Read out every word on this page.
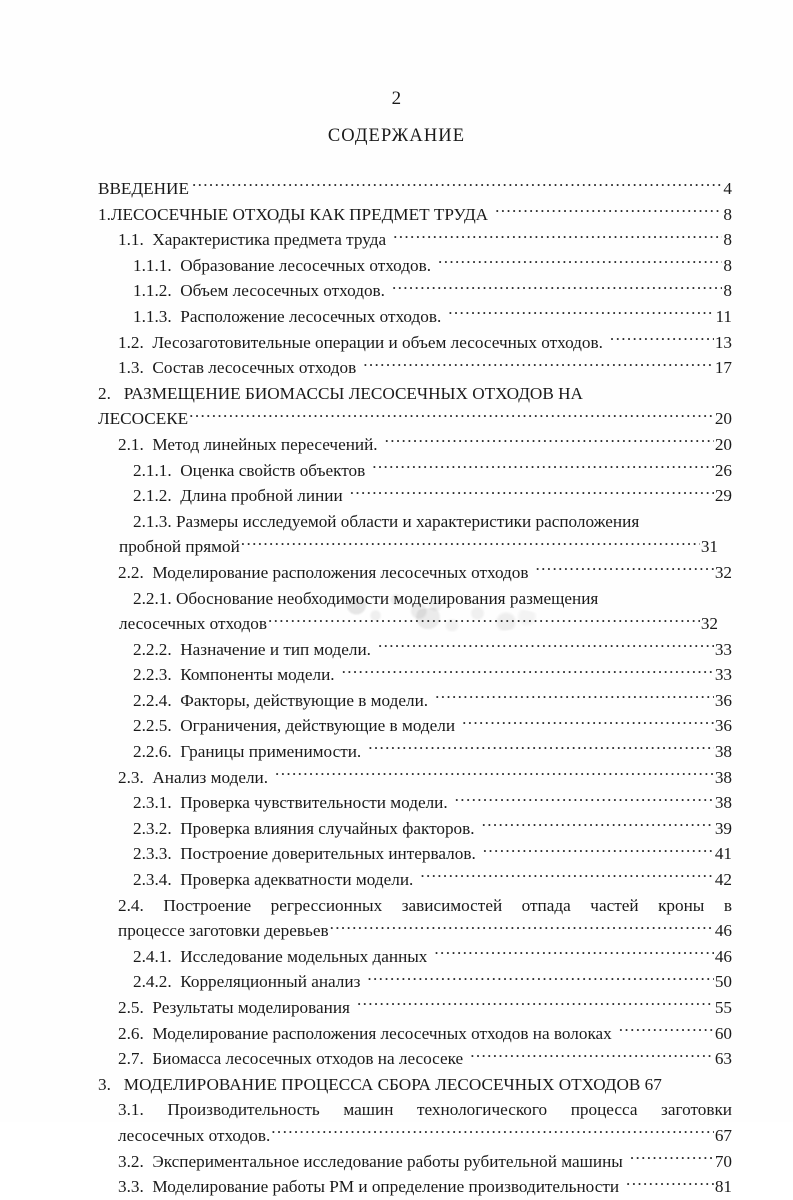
2
СОДЕРЖАНИЕ
ВВЕДЕНИЕ .....	4
1.ЛЕСОСЕЧНЫЕ ОТХОДЫ КАК ПРЕДМЕТ ТРУДА .....	8
1.1.  Характеристика предмета труда .....	8
1.1.1.  Образование лесосечных отходов. .....	8
1.1.2.  Объем лесосечных отходов. .....	8
1.1.3.  Расположение лесосечных отходов. .....	11
1.2.  Лесозаготовительные операции и объем лесосечных отходов. .....	13
1.3.  Состав лесосечных отходов .....	17
2.   РАЗМЕЩЕНИЕ БИОМАССЫ ЛЕСОСЕЧНЫХ ОТХОДОВ НА
ЛЕСОСЕКЕ .....	20
2.1.  Метод линейных пересечений. .....	20
2.1.1.  Оценка свойств объектов .....	26
2.1.2.  Длина пробной линии .....	29
2.1.3. Размеры исследуемой области и характеристики расположения
пробной прямой .....	31
2.2.  Моделирование расположения лесосечных отходов .....	32
2.2.1. Обоснование необходимости моделирования размещения
лесосечных отходов .....	32
2.2.2.  Назначение и тип модели. .....	33
2.2.3.  Компоненты модели. .....	33
2.2.4.  Факторы, действующие в модели. .....	36
2.2.5.  Ограничения, действующие в модели .....	36
2.2.6.  Границы применимости. .....	38
2.3.  Анализ модели. .....	38
2.3.1.  Проверка чувствительности модели. .....	38
2.3.2.  Проверка влияния случайных факторов. .....	39
2.3.3.  Построение доверительных интервалов. .....	41
2.3.4.  Проверка адекватности модели. .....	42
2.4. Построение регрессионных зависимостей отпада частей кроны в
процессе заготовки деревьев .....	46
2.4.1.  Исследование модельных данных .....	46
2.4.2.  Корреляционный анализ .....	50
2.5.  Результаты моделирования .....	55
2.6.  Моделирование расположения лесосечных отходов на волоках .....	60
2.7.  Биомасса лесосечных отходов на лесосеке .....	63
3.   МОДЕЛИРОВАНИЕ ПРОЦЕССА СБОРА ЛЕСОСЕЧНЫХ ОТХОДОВ 67
3.1. Производительность машин технологического процесса заготовки
лесосечных отходов. .....	67
3.2.  Экспериментальное исследование работы рубительной машины .....	70
3.3.  Моделирование работы РМ и определение производительности .....	81
